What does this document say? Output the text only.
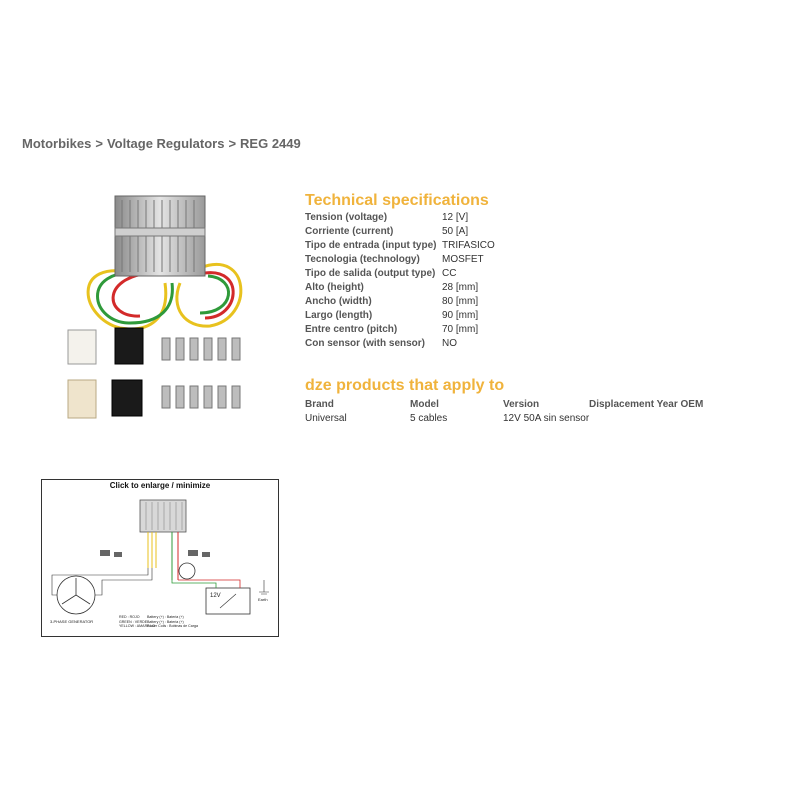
Motorbikes > Voltage Regulators > REG 2449
Technical specifications
Tension (voltage)	12 [V]
Corriente (current)	50 [A]
Tipo de entrada (input type)	TRIFASICO
Tecnologia (technology)	MOSFET
Tipo de salida (output type)	CC
Alto (height)	28 [mm]
Ancho (width)	80 [mm]
Largo (length)	90 [mm]
Entre centro (pitch)	70 [mm]
Con sensor (with sensor)	NO
dze products that apply to
Brand	Model	Version	Displacement Year OEM
Universal	5 cables	12V 50A sin sensor	
Click to enlarge / minimize
12V
3-PHASE GENERATOR
Earth
RED : ROJO
GREEN : VERDE
YELLOW : AMARILLO
Battery (+) : Bateria (+)
Battery (+) : Bateria (+)
Power Coils : Bobinas de Carga
